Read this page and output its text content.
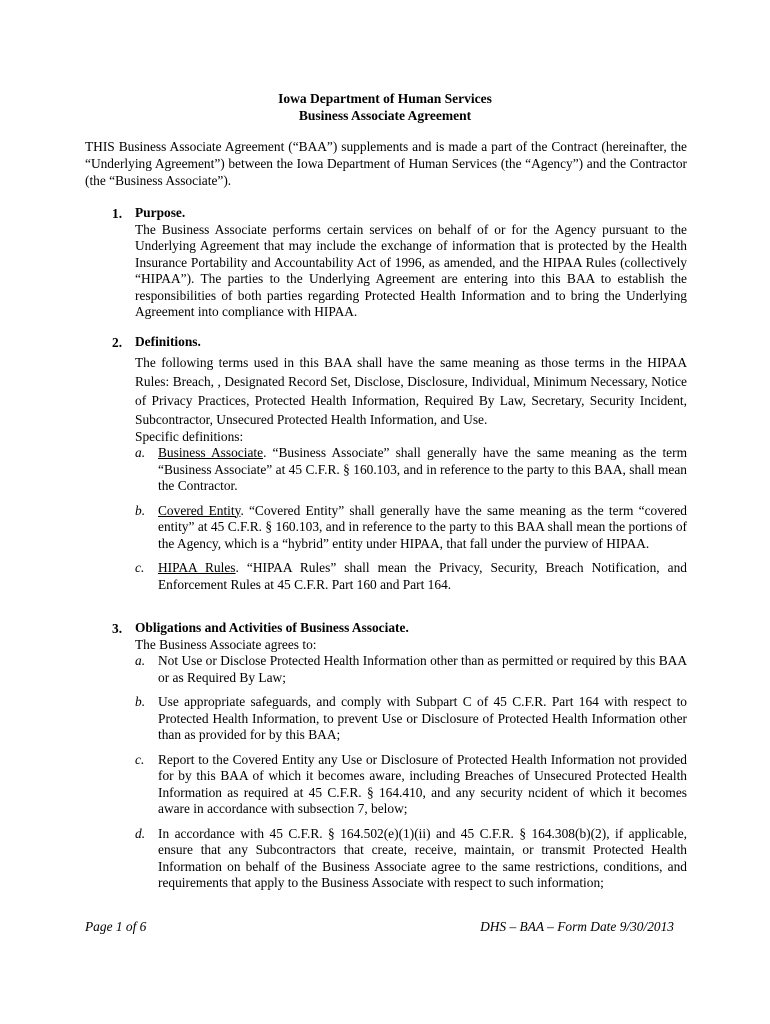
Iowa Department of Human Services
Business Associate Agreement
THIS Business Associate Agreement (“BAA”) supplements and is made a part of the Contract (hereinafter, the “Underlying Agreement”) between the Iowa Department of Human Services (the “Agency”) and the Contractor (the “Business Associate”).
1. Purpose.
The Business Associate performs certain services on behalf of or for the Agency pursuant to the Underlying Agreement that may include the exchange of information that is protected by the Health Insurance Portability and Accountability Act of 1996, as amended, and the HIPAA Rules (collectively “HIPAA”). The parties to the Underlying Agreement are entering into this BAA to establish the responsibilities of both parties regarding Protected Health Information and to bring the Underlying Agreement into compliance with HIPAA.
2. Definitions.
The following terms used in this BAA shall have the same meaning as those terms in the HIPAA Rules: Breach, , Designated Record Set, Disclose, Disclosure, Individual, Minimum Necessary, Notice of Privacy Practices, Protected Health Information, Required By Law, Secretary, Security Incident, Subcontractor, Unsecured Protected Health Information, and Use.
Specific definitions:
a. Business Associate. “Business Associate” shall generally have the same meaning as the term “Business Associate” at 45 C.F.R. § 160.103, and in reference to the party to this BAA, shall mean the Contractor.
b. Covered Entity. “Covered Entity” shall generally have the same meaning as the term “covered entity” at 45 C.F.R. § 160.103, and in reference to the party to this BAA shall mean the portions of the Agency, which is a “hybrid” entity under HIPAA, that fall under the purview of HIPAA.
c. HIPAA Rules. “HIPAA Rules” shall mean the Privacy, Security, Breach Notification, and Enforcement Rules at 45 C.F.R. Part 160 and Part 164.
3. Obligations and Activities of Business Associate.
The Business Associate agrees to:
a. Not Use or Disclose Protected Health Information other than as permitted or required by this BAA or as Required By Law;
b. Use appropriate safeguards, and comply with Subpart C of 45 C.F.R. Part 164 with respect to Protected Health Information, to prevent Use or Disclosure of Protected Health Information other than as provided for by this BAA;
c. Report to the Covered Entity any Use or Disclosure of Protected Health Information not provided for by this BAA of which it becomes aware, including Breaches of Unsecured Protected Health Information as required at 45 C.F.R. § 164.410, and any security ncident of which it becomes aware in accordance with subsection 7, below;
d. In accordance with 45 C.F.R. § 164.502(e)(1)(ii) and 45 C.F.R. § 164.308(b)(2), if applicable, ensure that any Subcontractors that create, receive, maintain, or transmit Protected Health Information on behalf of the Business Associate agree to the same restrictions, conditions, and requirements that apply to the Business Associate with respect to such information;
Page 1 of 6	DHS – BAA – Form Date 9/30/2013
